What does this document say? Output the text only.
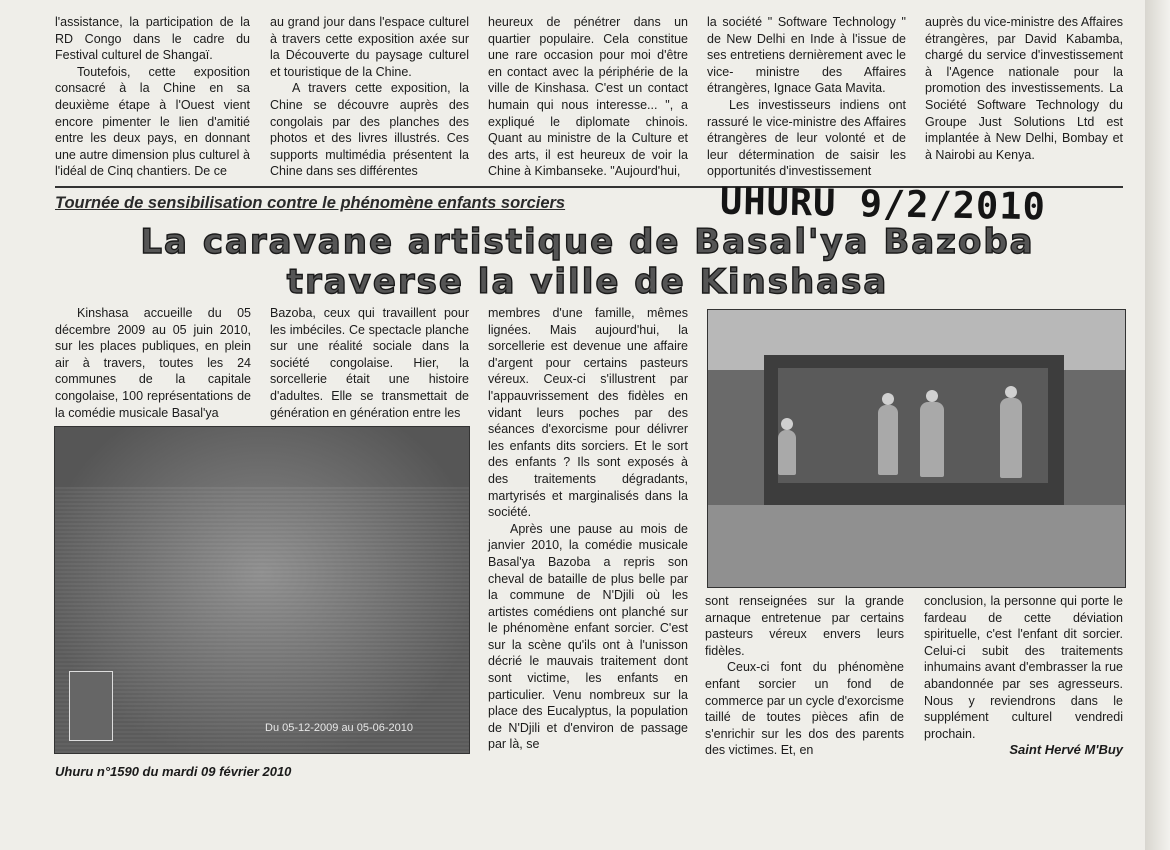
l'assistance, la participation de la RD Congo dans le cadre du Festival culturel de Shangaï.

Toutefois, cette exposition consacré à la Chine en sa deuxième étape à l'Ouest vient encore pimenter le lien d'amitié entre les deux pays, en donnant une autre dimension plus culturel à l'idéal de Cinq chantiers. De ce

au grand jour dans l'espace culturel à travers cette exposition axée sur la Découverte du paysage culturel et touristique de la Chine.

A travers cette exposition, la Chine se découvre auprès des congolais par des planches des photos et des livres illustrés. Ces supports multimédia présentent la Chine dans ses différentes

heureux de pénétrer dans un quartier populaire. Cela constitue une rare occasion pour moi d'être en contact avec la périphérie de la ville de Kinshasa. C'est un contact humain qui nous interesse... ", a expliqué le diplomate chinois. Quant au ministre de la Culture et des arts, il est heureux de voir la Chine à Kimbanseke. "Aujourd'hui,

la société " Software Technology " de New Delhi en Inde à l'issue de ses entretiens dernièrement avec le vice- ministre des Affaires étrangères, Ignace Gata Mavita.

Les investisseurs indiens ont rassuré le vice-ministre des Affaires étrangères de leur volonté et de leur détermination de saisir les opportunités d'investissement

auprès du vice-ministre des Affaires étrangères, par David Kabamba, chargé du service d'investissement à l'Agence nationale pour la promotion des investissements. La Société Software Technology du Groupe Just Solutions Ltd est implantée à New Delhi, Bombay et à Nairobi au Kenya.

Tournée de sensibilisation contre le phénomène enfants sorciers	UHURU 9/2/2010
La caravane artistique de Basal'ya Bazoba
traverse la ville de Kinshasa

Kinshasa accueille du 05 décembre 2009 au 05 juin 2010, sur les places publiques, en plein air à travers, toutes les 24 communes de la capitale congolaise, 100 représentations de la comédie musicale Basal'ya

Bazoba, ceux qui travaillent pour les imbéciles. Ce spectacle planche sur une réalité sociale dans la société congolaise. Hier, la sorcellerie était une histoire d'adultes. Elle se transmettait de génération en génération entre les

membres d'une famille, mêmes lignées. Mais aujourd'hui, la sorcellerie est devenue une affaire d'argent pour certains pasteurs véreux. Ceux-ci s'illustrent par l'appauvrissement des fidèles en vidant leurs poches par des séances d'exorcisme pour délivrer les enfants dits sorciers. Et le sort des enfants ? Ils sont exposés à des traitements dégradants, martyrisés et marginalisés dans la société.

Après une pause au mois de janvier 2010, la comédie musicale Basal'ya Bazoba a repris son cheval de bataille de plus belle par la commune de N'Djili où les artistes comédiens ont planché sur le phénomène enfant sorcier. C'est sur la scène qu'ils ont à l'unisson décrié le mauvais traitement dont sont victime, les enfants en particulier. Venu nombreux sur la place des Eucalyptus, la population de N'Djili et d'environ de passage par là, se

sont renseignées sur la grande arnaque entretenue par certains pasteurs véreux envers leurs fidèles.

Ceux-ci font du phénomène enfant sorcier un fond de commerce par un cycle d'exorcisme taillé de toutes pièces afin de s'enrichir sur les dos des parents des victimes. Et, en

conclusion, la personne qui porte le fardeau de cette déviation spirituelle, c'est l'enfant dit sorcier. Celui-ci subit des traitements inhumains avant d'embrasser la rue abandonnée par ses agresseurs. Nous y reviendrons dans le supplément culturel vendredi prochain.

Saint Hervé M'Buy
Du 05-12-2009 au 05-06-2010
Uhuru n°1590 du mardi 09 février 2010
